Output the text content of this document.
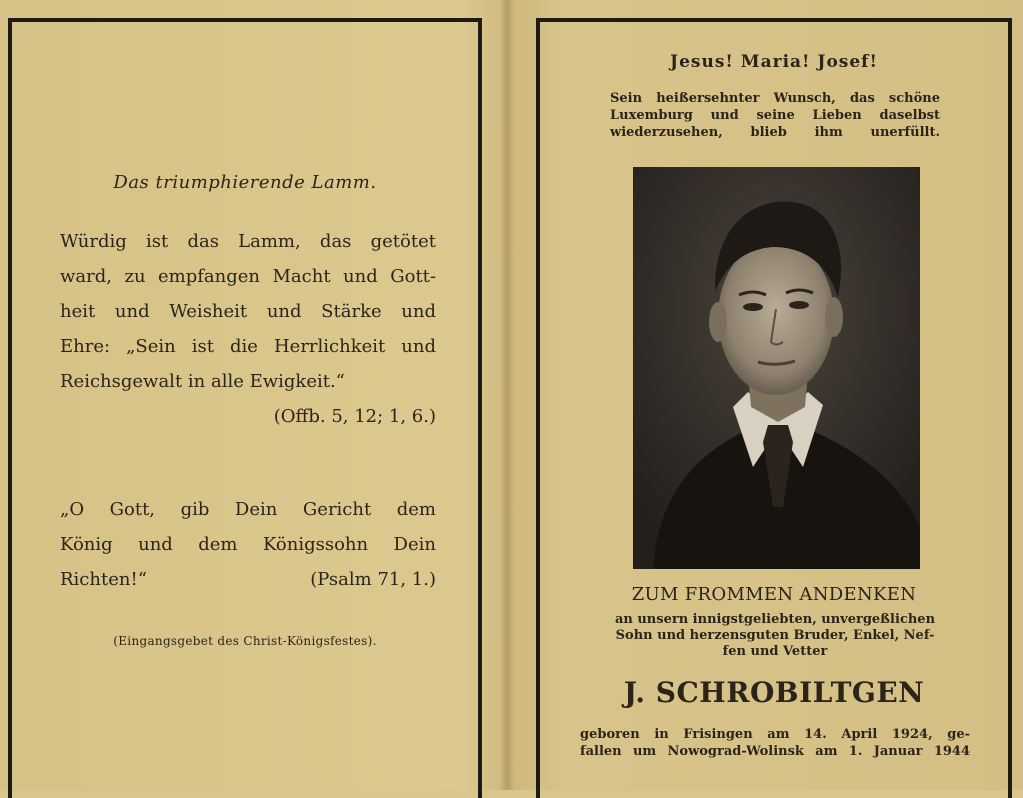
Das triumphierende Lamm.
Würdig ist das Lamm, das getötet
ward, zu empfangen Macht und Gott-
heit und Weisheit und Stärke und
Ehre: „Sein ist die Herrlichkeit und
Reichsgewalt in alle Ewigkeit.“
(Offb. 5, 12; 1, 6.)
„O Gott, gib Dein Gericht dem
König und dem Königssohn Dein
Richten!“	(Psalm 71, 1.)
(Eingangsgebet des Christ-Königsfestes).
Jesus! Maria! Josef!
Sein heißersehnter Wunsch, das schöne
Luxemburg und seine Lieben daselbst
wiederzusehen, blieb ihm unerfüllt.
ZUM FROMMEN ANDENKEN
an unsern innigstgeliebten, unvergeßlichen
Sohn und herzensguten Bruder, Enkel, Nef-
fen und Vetter
J. SCHROBILTGEN
geboren in Frisingen am 14. April 1924, ge-
fallen um Nowograd-Wolinsk am 1. Januar 1944
